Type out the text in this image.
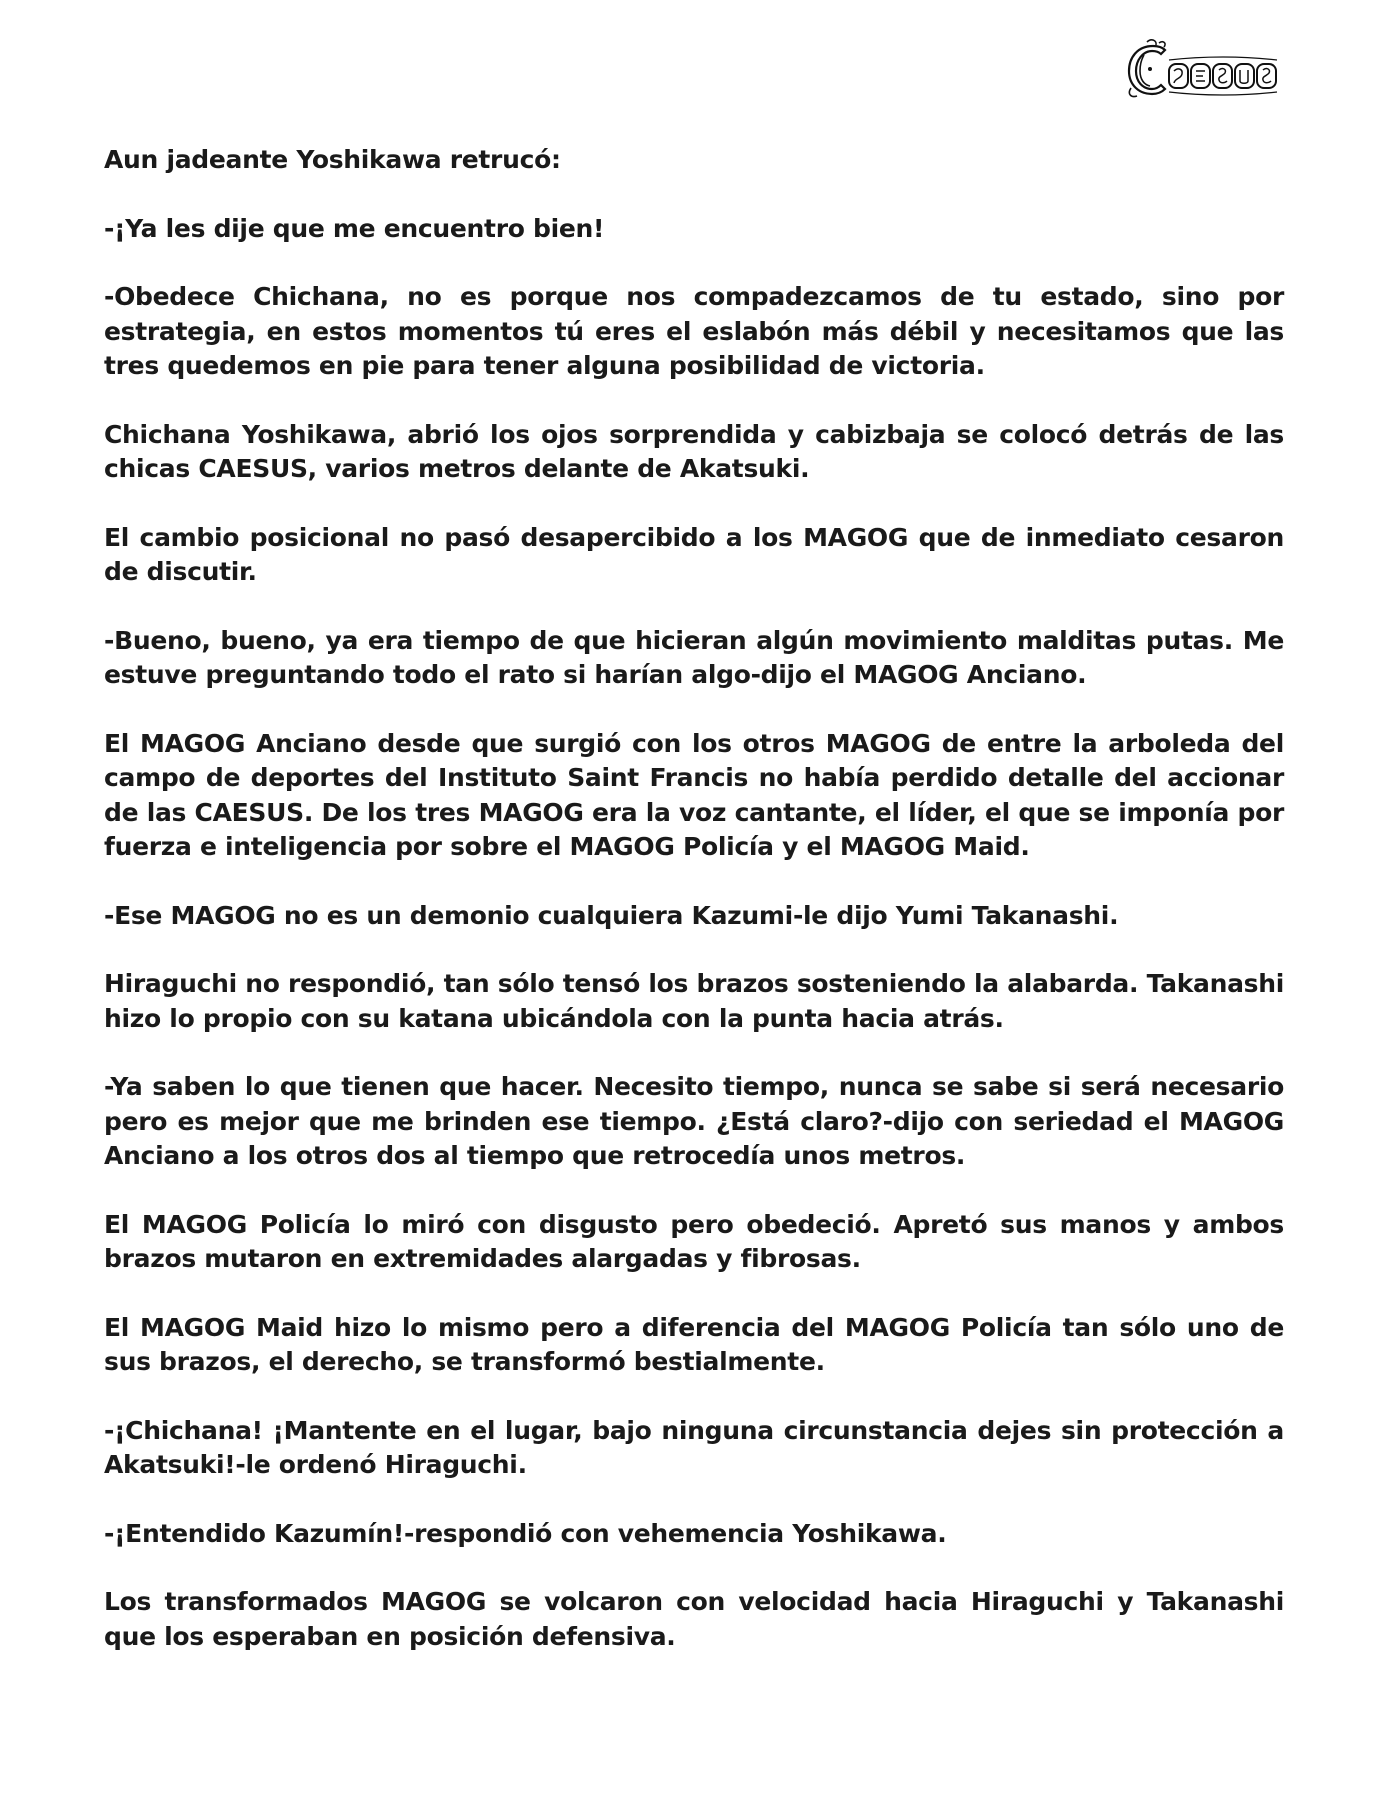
Aun jadeante Yoshikawa retrucó:

-¡Ya les dije que me encuentro bien!

-Obedece Chichana, no es porque nos compadezcamos de tu estado, sino por estrategia, en estos momentos tú eres el eslabón más débil y necesitamos que las tres quedemos en pie para tener alguna posibilidad de victoria.

Chichana Yoshikawa, abrió los ojos sorprendida y cabizbaja se colocó detrás de las chicas CAESUS, varios metros delante de Akatsuki.

El cambio posicional no pasó desapercibido a los MAGOG que de inmediato cesaron de discutir.

-Bueno, bueno, ya era tiempo de que hicieran algún movimiento malditas putas. Me estuve preguntando todo el rato si harían algo-dijo el MAGOG Anciano.

El MAGOG Anciano desde que surgió con los otros MAGOG de entre la arboleda del campo de deportes del Instituto Saint Francis no había perdido detalle del accionar de las CAESUS. De los tres MAGOG era la voz cantante, el líder, el que se imponía por fuerza e inteligencia por sobre el MAGOG Policía y el MAGOG Maid.

-Ese MAGOG no es un demonio cualquiera Kazumi-le dijo Yumi Takanashi.

Hiraguchi no respondió, tan sólo tensó los brazos sosteniendo la alabarda. Takanashi hizo lo propio con su katana ubicándola con la punta hacia atrás.

-Ya saben lo que tienen que hacer. Necesito tiempo, nunca se sabe si será necesario pero es mejor que me brinden ese tiempo. ¿Está claro?-dijo con seriedad el MAGOG Anciano a los otros dos al tiempo que retrocedía unos metros.

El MAGOG Policía lo miró con disgusto pero obedeció. Apretó sus manos y ambos brazos mutaron en extremidades alargadas y fibrosas.

El MAGOG Maid hizo lo mismo pero a diferencia del MAGOG Policía tan sólo uno de sus brazos, el derecho, se transformó bestialmente.

-¡Chichana! ¡Mantente en el lugar, bajo ninguna circunstancia dejes sin protección a Akatsuki!-le ordenó Hiraguchi.

-¡Entendido Kazumín!-respondió con vehemencia Yoshikawa.

Los transformados MAGOG se volcaron con velocidad hacia Hiraguchi y Takanashi que los esperaban en posición defensiva.
